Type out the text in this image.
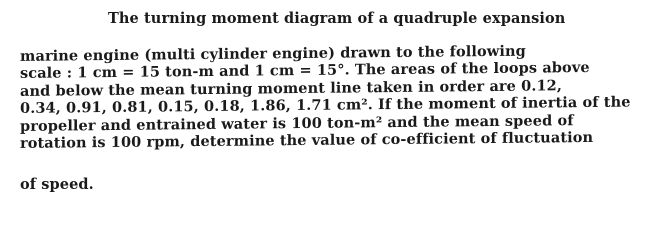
The turning moment diagram of a quadruple expansion
marine engine (multi cylinder engine) drawn to the following
scale : 1 cm = 15 ton-m and 1 cm = 15°. The areas of the loops above
and below the mean turning moment line taken in order are 0.12,
0.34, 0.91, 0.81, 0.15, 0.18, 1.86, 1.71 cm². If the moment of inertia of the
propeller and entrained water is 100 ton-m² and the mean speed of
rotation is 100 rpm, determine the value of co-efficient of fluctuation
of speed.
